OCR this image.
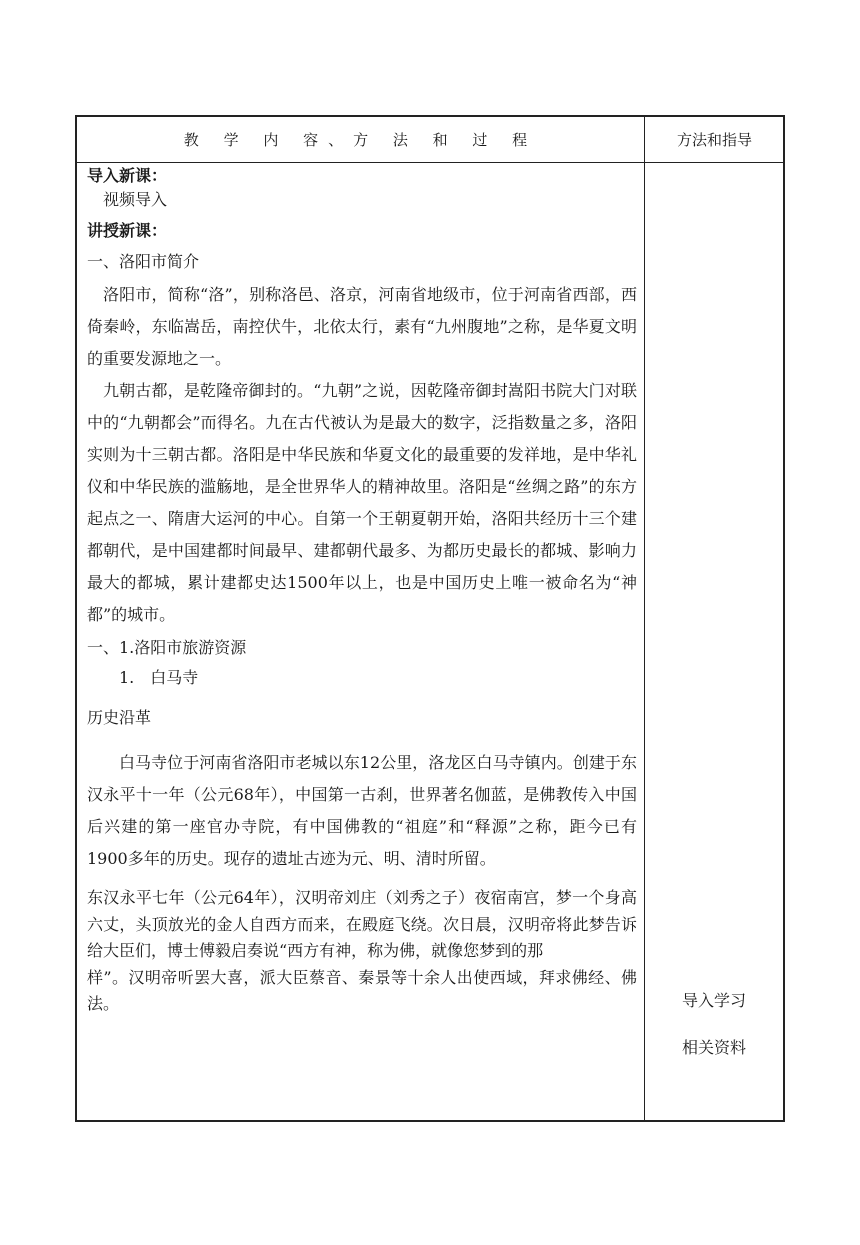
教 学 内 容、方 法 和 过 程	方法和指导
导入新课：
视频导入
讲授新课：
一、洛阳市简介

洛阳市，简称“洛”，别称洛邑、洛京，河南省地级市，位于河南省西部，西倚秦岭，东临嵩岳，南控伏牛，北依太行，素有“九州腹地”之称，是华夏文明的重要发源地之一。

九朝古都，是乾隆帝御封的。“九朝”之说，因乾隆帝御封嵩阳书院大门对联中的“九朝都会”而得名。九在古代被认为是最大的数字，泛指数量之多，洛阳实则为十三朝古都。洛阳是中华民族和华夏文化的最重要的发祥地，是中华礼仪和中华民族的滥觞地，是全世界华人的精神故里。洛阳是“丝绸之路”的东方起点之一、隋唐大运河的中心。自第一个王朝夏朝开始，洛阳共经历十三个建都朝代，是中国建都时间最早、建都朝代最多、为都历史最长的都城、影响力最大的都城，累计建都史达1500年以上，也是中国历史上唯一被命名为“神都”的城市。

一、1.洛阳市旅游资源
1.　白马寺
历史沿革

白马寺位于河南省洛阳市老城以东12公里，洛龙区白马寺镇内。创建于东汉永平十一年（公元68年），中国第一古刹，世界著名伽蓝，是佛教传入中国后兴建的第一座官办寺院，有中国佛教的“祖庭”和“释源”之称，距今已有1900多年的历史。现存的遗址古迹为元、明、清时所留。

东汉永平七年（公元64年），汉明帝刘庄（刘秀之子）夜宿南宫，梦一个身高六丈，头顶放光的金人自西方而来，在殿庭飞绕。次日晨，汉明帝将此梦告诉给大臣们，博士傅毅启奏说“西方有神，称为佛，就像您梦到的那

样”。汉明帝听罢大喜，派大臣蔡音、秦景等十余人出使西域，拜求佛经、佛法。	导入学习
相关资料
